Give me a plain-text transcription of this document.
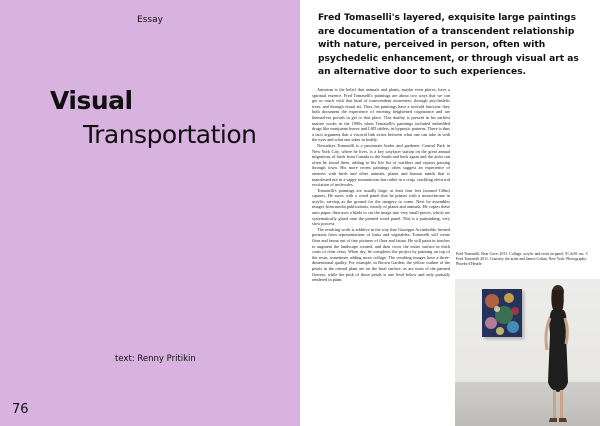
Essay
Visual
Transportation
text: Renny Pritikin
76

Fred Tomaselli's layered, exquisite large paintings are documentation of a transcendent relationship with nature, perceived in person, often with psychedelic enhancement, or through visual art as an alternative door to such experiences.

Animism is the belief that animals and plants, maybe even places, have a spiritual essence. Fred Tomaselli's paintings are about two ways that we can get in touch with that kind of transcendent awareness: through psychedelic trees, and through visual art. Thus, his paintings have a twofold function: they both document the experience of entering heightened cognizance and are themselves portals to get to that place. This duality is present in his earliest mature works in the 1990s when Tomaselli's paintings included embedded drugs like marijuana leaves and LSD tablets, in hypnotic patterns. There is thus a tacit argument that a visceral link exists between what one can take in with the eyes and what one takes in bodily.

Nowadays Tomaselli is a passionate birder and gardener. Central Park in New York City, where he lives, is a key wayfarer station on the great annual migrations of birds from Canada to the South and back again and the artist can often be found there, adding to his life list of warblers and raptors passing through town. His more recent paintings often suggest an experience of oneness with birds and other animals, plants and human minds that is manifested not in a sappy romanticism but rather in a crisp, crackling electrical excitation of molecules.

Tomaselli's paintings are usually large, at least four feet (around 120m) squares. He starts with a wood panel that he primes with a monochrome in acrylic, serving as the ground for the imagery to come. Next he assembles images from media publications, mostly of plants and animals. He copies these onto paper, then uses a blade to cut the image into very small pieces, which are systematically glued onto the painted wood panel. This is a painstaking, very slow process.

The resulting work is additive in the way that Giuseppe Arcimboldo formed portraits from representations of fruits and vegetables. Tomaselli will create flora and fauna out of tiny pictures of flora and fauna. He will paint in touches to augment the landscape created, and then cover the entire surface in thick coats of clear resin. When dry, he completes the project by painting on top of the resin, sometimes adding more collage. The resulting images have a three-dimensional quality. For example, in Brown Garden, the yellow outline of the petals in the central plant are on the final surface, as are most of the painted flowers, while the pink of those petals is one level below and only partially rendered in paint.

Fred Tomaselli, Bear Cave, 2011. Collage, acrylic and resin on panel, 91.4x91 cm. © Fred Tomaselli 2011. Courtesy the artist and James Cohan, New York. Photography: Phoebe d'Heurle
